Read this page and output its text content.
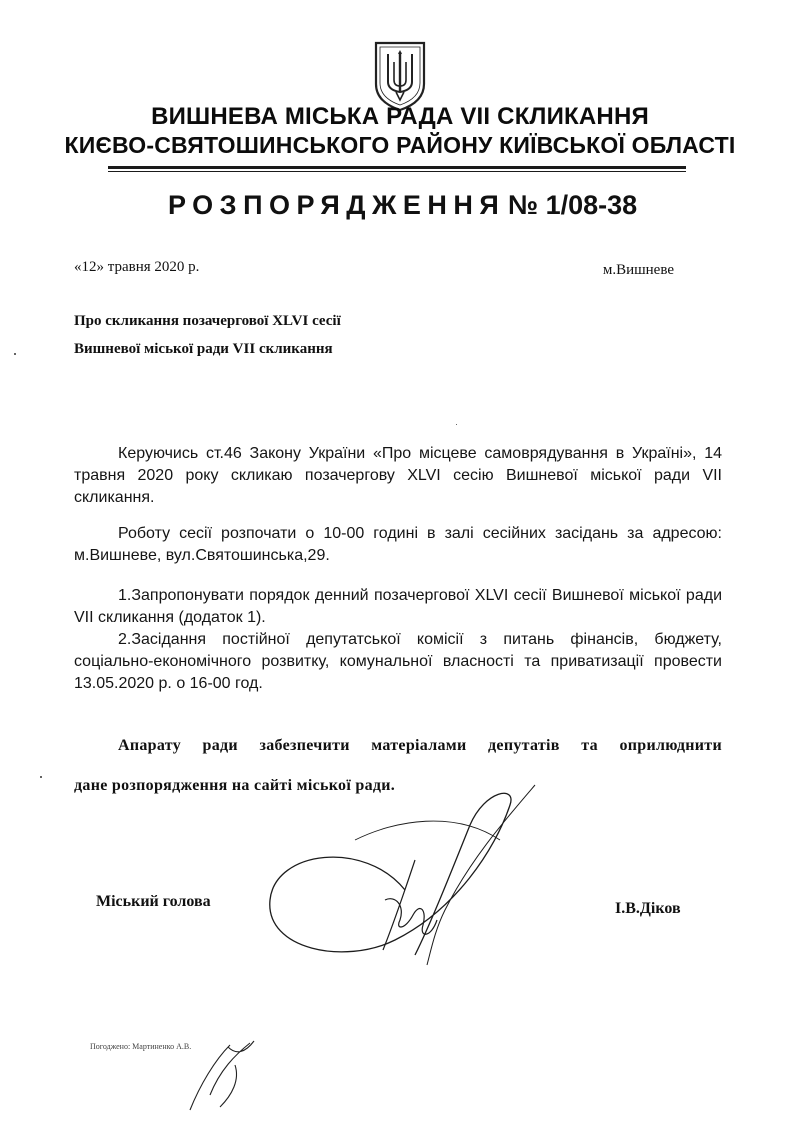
ВИШНЕВА МІСЬКА РАДА VII СКЛИКАННЯ
КИЄВО-СВЯТОШИНСЬКОГО РАЙОНУ КИЇВСЬКОЇ ОБЛАСТІ
РОЗПОРЯДЖЕННЯ № 1/08-38
«12» травня 2020 р.	м.Вишневе
Про скликання позачергової XLVI сесії
Вишневої міської ради VII скликання

Керуючись ст.46 Закону України «Про місцеве самоврядування в Україні», 14 травня 2020 року скликаю позачергову XLVI сесію Вишневої міської ради VII скликання.

Роботу сесії розпочати о 10-00 годині в залі сесійних засідань за адресою: м.Вишневе, вул.Святошинська,29.

1.Запропонувати порядок денний позачергової XLVI сесії Вишневої міської ради VII скликання (додаток 1).

2.Засідання постійної депутатської комісії з питань фінансів, бюджету, соціально-економічного розвитку, комунальної власності та приватизації провести 13.05.2020 р. о 16-00 год.

Апарату ради забезпечити матеріалами депутатів та оприлюднити

дане розпорядження на сайті міської ради.
Міський голова	І.В.Діков
Погоджено: Мартиненко А.В.
